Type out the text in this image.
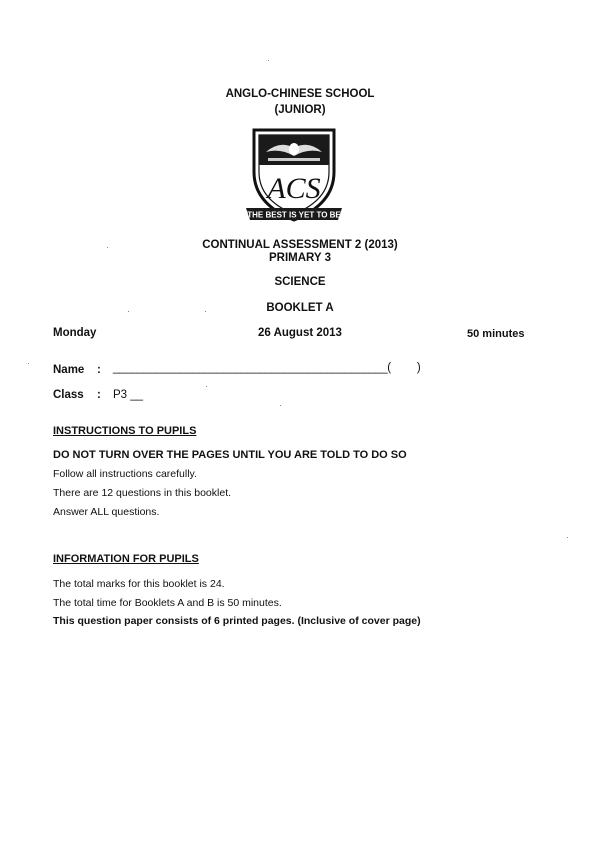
ANGLO-CHINESE SCHOOL
(JUNIOR)
ACS
THE BEST IS YET TO BE
CONTINUAL ASSESSMENT 2 (2013)
PRIMARY 3
SCIENCE
BOOKLET A
Monday	26 August 2013	50 minutes
Name : _____________________________________________(         )
Class : P3 __
INSTRUCTIONS TO PUPILS
DO NOT TURN OVER THE PAGES UNTIL YOU ARE TOLD TO DO SO
Follow all instructions carefully.
There are 12 questions in this booklet.
Answer ALL questions.
INFORMATION FOR PUPILS
The total marks for this booklet is 24.
The total time for Booklets A and B is 50 minutes.
This question paper consists of 6 printed pages. (Inclusive of cover page)
